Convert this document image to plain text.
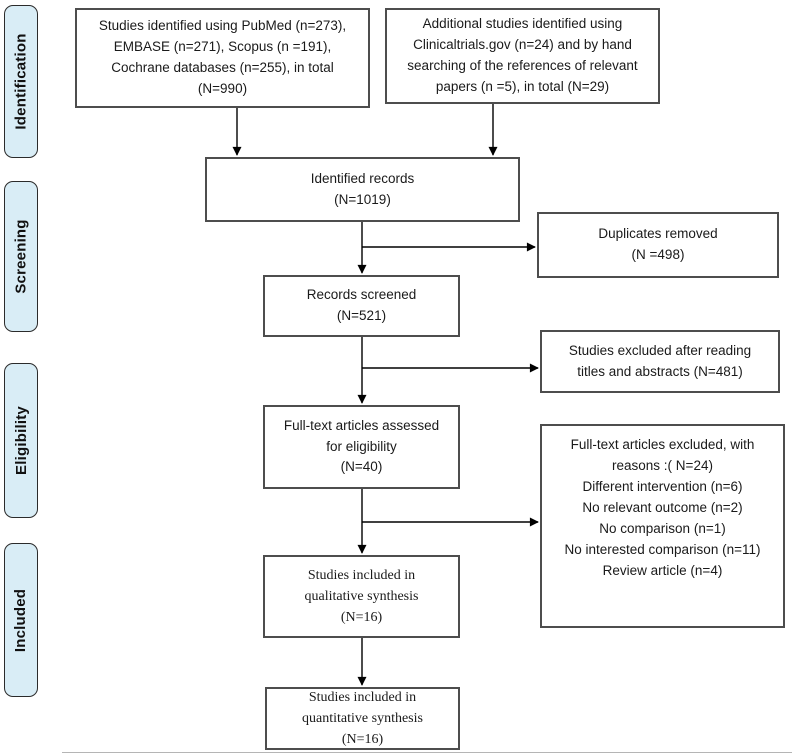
Identification
Screening
Eligibility
Included
Studies identified using PubMed (n=273),
EMBASE (n=271), Scopus (n =191),
Cochrane databases (n=255), in total
(N=990)
Additional studies identified using
Clinicaltrials.gov (n=24) and by hand
searching of the references of relevant
papers (n =5), in total (N=29)
Identified records
(N=1019)
Duplicates removed
(N =498)
Records screened
(N=521)
Studies excluded after reading
titles and abstracts (N=481)
Full-text articles assessed
for eligibility
(N=40)
Full-text articles excluded, with
reasons :( N=24)
Different intervention (n=6)
No relevant outcome (n=2)
No comparison (n=1)
No interested comparison (n=11)
Review article (n=4)
Studies included in
qualitative synthesis
(N=16)
Studies included in
quantitative synthesis
(N=16)
